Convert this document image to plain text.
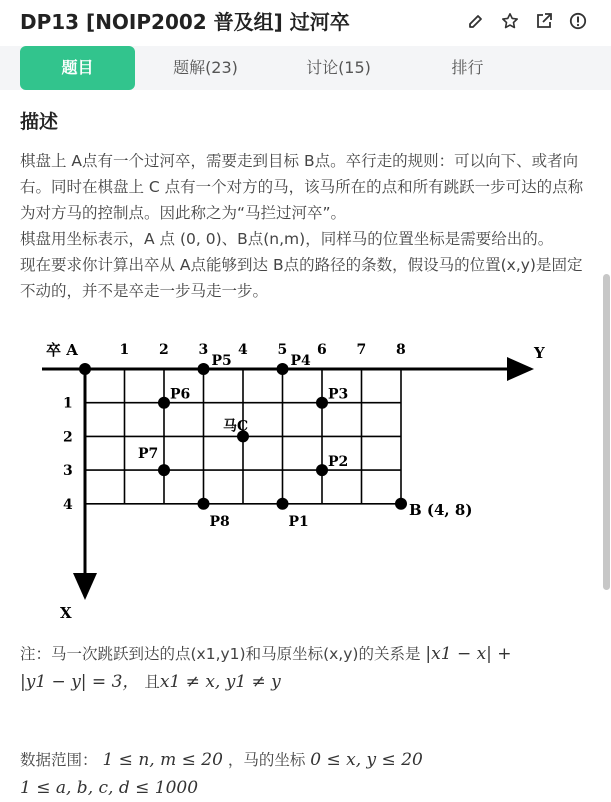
DP13 [NOIP2002 普及组] 过河卒
题目	题解(23)	讨论(15)	排行
描述

棋盘上 A点有一个过河卒，需要走到目标 B点。卒行走的规则：可以向下、或者向右。同时在棋盘上 C 点有一个对方的马，该马所在的点和所有跳跃一步可达的点称为对方马的控制点。因此称之为“马拦过河卒”。

棋盘用坐标表示，A 点 (0, 0)、B点(n,m)，同样马的位置坐标是需要给出的。

现在要求你计算出卒从 A点能够到达 B点的路径的条数，假设马的位置(x,y)是固定不动的，并不是卒走一步马走一步。

卒 A	Y
X
1 2 3 4 5 6 7 8
1
2
3
4
P1
P2
P3
P4
P5
P6
P7
P8
马C
B (4, 8)
注：马一次跳跃到达的点(x1,y1)和马原坐标(x,y)的关系是 |x1 − x| +
|y1 − y| = 3， 且x1 ≠ x, y1 ≠ y
数据范围： 1 ≤ n, m ≤ 20 ，马的坐标 0 ≤ x, y ≤ 20
1 ≤ a, b, c, d ≤ 1000
